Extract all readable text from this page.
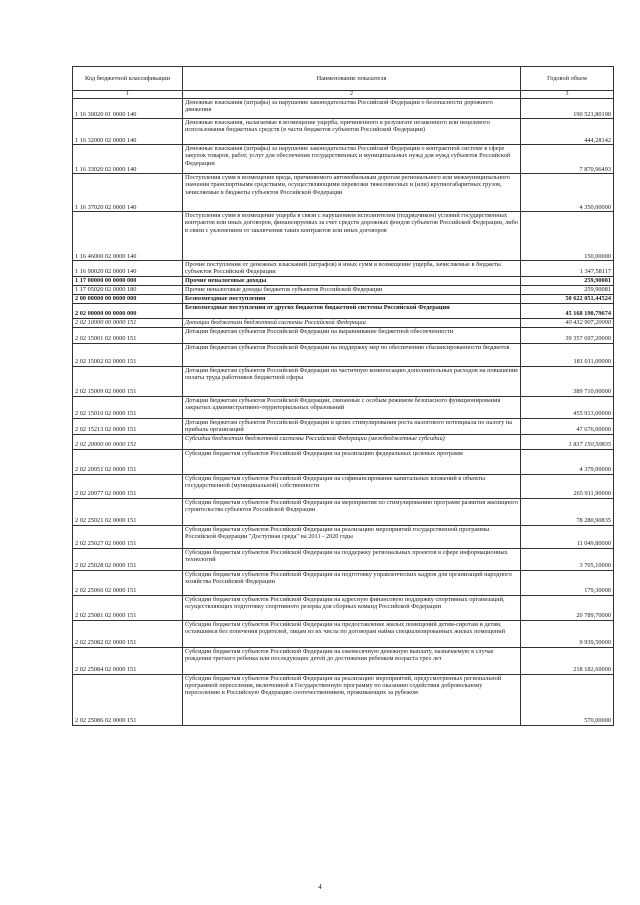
Код бюджетной классификации	Наименование показателя	Годовой объем
1	2	3
1 16 30020 01 0000 140	Денежные взыскания (штрафы) за нарушение законодательства Российской Федерации о безопасности дорожного движения	190 521,80190
1 16 32000 02 0000 140	Денежные взыскания, налагаемые в возмещение ущерба, причиненного в результате незаконного или нецелевого использования бюджетных средств (в части бюджетов субъектов Российской Федерации)	444,28142
1 16 33020 02 0000 140	Денежные взыскания (штрафы) за нарушение законодательства Российской Федерации о контрактной системе в сфере закупок товаров, работ, услуг для обеспечения государственных и муниципальных нужд для нужд субъектов Российской Федерации	7 870,96493
1 16 37020 02 0000 140	Поступления сумм в возмещение вреда, причиняемого автомобильным дорогам регионального или межмуниципального значения транспортными средствами, осуществляющими перевозки тяжеловесных и (или) крупногабаритных грузов, зачисляемые в бюджеты субъектов Российской Федерации	4 350,00000
1 16 46000 02 0000 140	Поступления сумм в возмещение ущерба в связи с нарушением исполнителем (подрядчиком) условий государственных контрактов или иных договоров, финансируемых за счет средств дорожных фондов субъектов Российской Федерации, либо в связи с уклонением от заключения таких контрактов или иных договоров	150,00000
1 16 90020 02 0000 140	Прочие поступления от денежных взысканий (штрафов) и иных сумм в возмещение ущерба, зачисляемые в бюджеты субъектов Российской Федерации	1 347,58117
1 17 00000 00 0000 000	Прочие неналоговые доходы	259,90081
1 17 05020 02 0000 180	Прочие неналоговые доходы бюджетов субъектов Российской Федерации	259,90081
2 00 00000 00 0000 000	Безвозмездные поступления	50 622 051,44524
2 02 00000 00 0000 000	Безвозмездные поступления от других бюджетов бюджетной системы Российской Федерации	45 168 190,79674
2 02 10000 00 0000 151	Дотации бюджетам бюджетной системы Российской Федерации	40 432 907,20000
2 02 15001 02 0000 151	Дотации бюджетам субъектов Российской Федерации на выравнивание бюджетной обеспеченности	39 357 697,20000
2 02 15002 02 0000 151	Дотации бюджетам субъектов Российской Федерации на поддержку мер по обеспечению сбалансированности бюджетов	181 011,00000
2 02 15009 02 0000 151	Дотации бюджетам субъектов Российской Федерации на частичную компенсацию дополнительных расходов на повышение оплаты труда работников бюджетной сферы	389 710,00000
2 02 15010 02 0000 151	Дотации бюджетам субъектов Российской Федерации, связанные с особым режимом безопасного функционирования закрытых административно-территориальных образований	455 913,00000
2 02 15213 02 0000 151	Дотации бюджетам субъектов Российской Федерации в целях стимулирования роста налогового потенциала по налогу на прибыль организаций	47 676,00000
2 02 20000 00 0000 151	Субсидии бюджетам бюджетной системы Российской Федерации (межбюджетные субсидии)	1 837 150,50835
2 02 20051 02 0000 151	Субсидии бюджетам субъектов Российской Федерации на реализацию федеральных целевых программ	4 379,00000
2 02 20077 02 0000 151	Субсидии бюджетам субъектов Российской Федерации на софинансирование капитальных вложений в объекты государственной (муниципальной) собственности	265 911,90000
2 02 25021 02 0000 151	Субсидии бюджетам субъектов Российской Федерации на мероприятия по стимулированию программ развития жилищного строительства субъектов Российской Федерации	78 280,90835
2 02 25027 02 0000 151	Субсидии бюджетам субъектов Российской Федерации на реализацию мероприятий государственной программы Российской Федерации "Доступная среда" на 2011 - 2020 годы	11 049,80000
2 02 25028 02 0000 151	Субсидии бюджетам субъектов Российской Федерации на поддержку региональных проектов в сфере информационных технологий	3 705,10000
2 02 25066 02 0000 151	Субсидии бюджетам субъектов Российской Федерации на подготовку управленческих кадров для организаций народного хозяйства Российской Федерации	179,30000
2 02 25081 02 0000 151	Субсидии бюджетам субъектов Российской Федерации на адресную финансовую поддержку спортивных организаций, осуществляющих подготовку спортивного резерва для сборных команд Российской Федерации	20 789,70000
2 02 25082 02 0000 151	Субсидии бюджетам субъектов Российской Федерации на предоставление жилых помещений детям-сиротам и детям, оставшимся без попечения родителей, лицам из их числа по договорам найма специализированных жилых помещений	9 939,50000
2 02 25084 02 0000 151	Субсидии бюджетам субъектов Российской Федерации на ежемесячную денежную выплату, назначаемую в случае рождения третьего ребенка или последующих детей до достижения ребенком возраста трех лет	218 182,60000
2 02 25086 02 0000 151	Субсидии бюджетам субъектов Российской Федерации на реализацию мероприятий, предусмотренных региональной программой переселения, включенной в Государственную программу по оказанию содействия добровольному переселению в Российскую Федерацию соотечественников, проживающих за рубежом	570,00000
4
